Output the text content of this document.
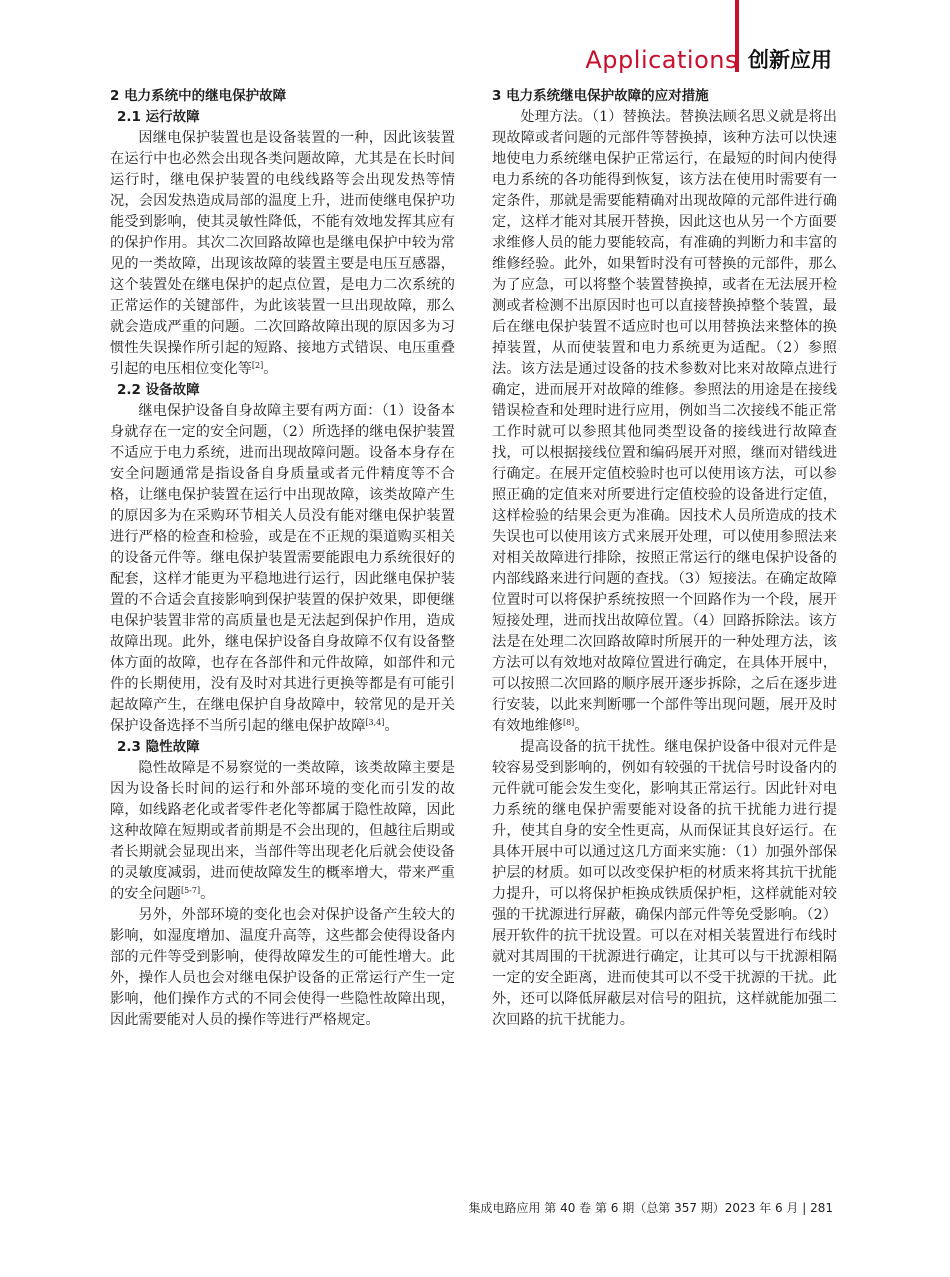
Applications 创新应用
2 电力系统中的继电保护故障
2.1 运行故障

因继电保护装置也是设备装置的一种，因此该装置在运行中也必然会出现各类问题故障，尤其是在长时间运行时，继电保护装置的电线线路等会出现发热等情况，会因发热造成局部的温度上升，进而使继电保护功能受到影响，使其灵敏性降低，不能有效地发挥其应有的保护作用。其次二次回路故障也是继电保护中较为常见的一类故障，出现该故障的装置主要是电压互感器，这个装置处在继电保护的起点位置，是电力二次系统的正常运作的关键部件，为此该装置一旦出现故障，那么就会造成严重的问题。二次回路故障出现的原因多为习惯性失误操作所引起的短路、接地方式错误、电压重叠引起的电压相位变化等[2]。

2.2 设备故障

继电保护设备自身故障主要有两方面：（1）设备本身就存在一定的安全问题，（2）所选择的继电保护装置不适应于电力系统，进而出现故障问题。设备本身存在安全问题通常是指设备自身质量或者元件精度等不合格，让继电保护装置在运行中出现故障，该类故障产生的原因多为在采购环节相关人员没有能对继电保护装置进行严格的检查和检验，或是在不正规的渠道购买相关的设备元件等。继电保护装置需要能跟电力系统很好的配套，这样才能更为平稳地进行运行，因此继电保护装置的不合适会直接影响到保护装置的保护效果，即便继电保护装置非常的高质量也是无法起到保护作用，造成故障出现。此外，继电保护设备自身故障不仅有设备整体方面的故障，也存在各部件和元件故障，如部件和元件的长期使用，没有及时对其进行更换等都是有可能引起故障产生，在继电保护自身故障中，较常见的是开关保护设备选择不当所引起的继电保护故障[3,4]。

2.3 隐性故障

隐性故障是不易察觉的一类故障，该类故障主要是因为设备长时间的运行和外部环境的变化而引发的故障，如线路老化或者零件老化等都属于隐性故障，因此这种故障在短期或者前期是不会出现的，但越往后期或者长期就会显现出来，当部件等出现老化后就会使设备的灵敏度减弱，进而使故障发生的概率增大，带来严重的安全问题[5-7]。

另外，外部环境的变化也会对保护设备产生较大的影响，如湿度增加、温度升高等，这些都会使得设备内部的元件等受到影响，使得故障发生的可能性增大。此外，操作人员也会对继电保护设备的正常运行产生一定影响，他们操作方式的不同会使得一些隐性故障出现，因此需要能对人员的操作等进行严格规定。

3 电力系统继电保护故障的应对措施

处理方法。（1）替换法。替换法顾名思义就是将出现故障或者问题的元部件等替换掉，该种方法可以快速地使电力系统继电保护正常运行，在最短的时间内使得电力系统的各功能得到恢复，该方法在使用时需要有一定条件，那就是需要能精确对出现故障的元部件进行确定，这样才能对其展开替换，因此这也从另一个方面要求维修人员的能力要能较高，有准确的判断力和丰富的维修经验。此外，如果暂时没有可替换的元部件，那么为了应急，可以将整个装置替换掉，或者在无法展开检测或者检测不出原因时也可以直接替换掉整个装置，最后在继电保护装置不适应时也可以用替换法来整体的换掉装置，从而使装置和电力系统更为适配。（2）参照法。该方法是通过设备的技术参数对比来对故障点进行确定，进而展开对故障的维修。参照法的用途是在接线错误检查和处理时进行应用，例如当二次接线不能正常工作时就可以参照其他同类型设备的接线进行故障查找，可以根据接线位置和编码展开对照，继而对错线进行确定。在展开定值校验时也可以使用该方法，可以参照正确的定值来对所要进行定值校验的设备进行定值，这样检验的结果会更为准确。因技术人员所造成的技术失误也可以使用该方式来展开处理，可以使用参照法来对相关故障进行排除，按照正常运行的继电保护设备的内部线路来进行问题的查找。（3）短接法。在确定故障位置时可以将保护系统按照一个回路作为一个段，展开短接处理，进而找出故障位置。（4）回路拆除法。该方法是在处理二次回路故障时所展开的一种处理方法，该方法可以有效地对故障位置进行确定，在具体开展中，可以按照二次回路的顺序展开逐步拆除，之后在逐步进行安装，以此来判断哪一个部件等出现问题，展开及时有效地维修[8]。

提高设备的抗干扰性。继电保护设备中很对元件是较容易受到影响的，例如有较强的干扰信号时设备内的元件就可能会发生变化，影响其正常运行。因此针对电力系统的继电保护需要能对设备的抗干扰能力进行提升，使其自身的安全性更高，从而保证其良好运行。在具体开展中可以通过这几方面来实施：（1）加强外部保护层的材质。如可以改变保护柜的材质来将其抗干扰能力提升，可以将保护柜换成铁质保护柜，这样就能对较强的干扰源进行屏蔽，确保内部元件等免受影响。（2）展开软件的抗干扰设置。可以在对相关装置进行布线时就对其周围的干扰源进行确定，让其可以与干扰源相隔一定的安全距离，进而使其可以不受干扰源的干扰。此外，还可以降低屏蔽层对信号的阻抗，这样就能加强二次回路的抗干扰能力。

集成电路应用 第 40 卷 第 6 期（总第 357 期）2023 年 6 月 | 281
